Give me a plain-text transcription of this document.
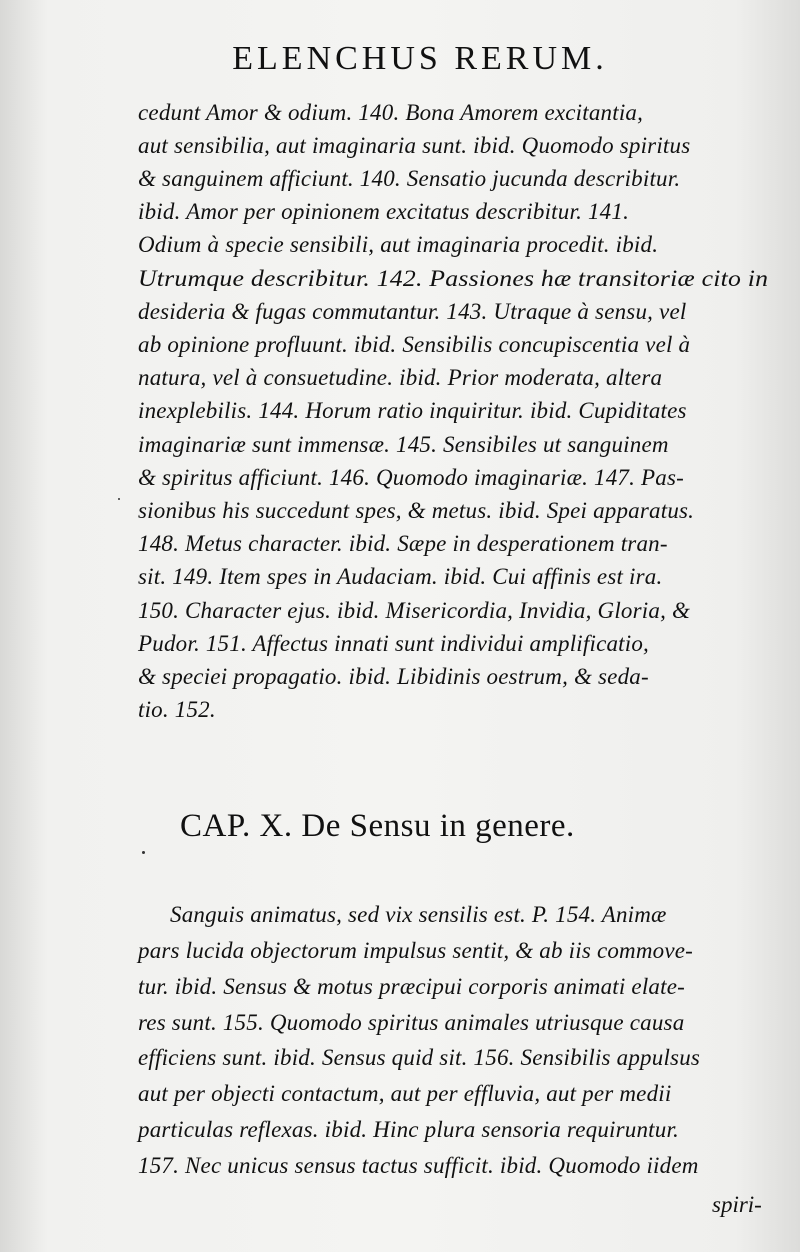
ELENCHUS RERUM.
cedunt Amor & odium. 140. Bona Amorem excitantia,
aut sensibilia, aut imaginaria sunt. ibid. Quomodo spiritus
& sanguinem afficiunt. 140. Sensatio jucunda describitur.
ibid. Amor per opinionem excitatus describitur. 141.
Odium à specie sensibili, aut imaginaria procedit. ibid.
Utrumque describitur. 142. Passiones hæ transitoriæ cito in
desideria & fugas commutantur. 143. Utraque à sensu, vel
ab opinione profluunt. ibid. Sensibilis concupiscentia vel à
natura, vel à consuetudine. ibid. Prior moderata, altera
inexplebilis. 144. Horum ratio inquiritur. ibid. Cupiditates
imaginariæ sunt immensæ. 145. Sensibiles ut sanguinem
& spiritus afficiunt. 146. Quomodo imaginariæ. 147. Pas-
sionibus his succedunt spes, & metus. ibid. Spei apparatus.
148. Metus character. ibid. Sæpe in desperationem tran-
sit. 149. Item spes in Audaciam. ibid. Cui affinis est ira.
150. Character ejus. ibid. Misericordia, Invidia, Gloria, &
Pudor. 151. Affectus innati sunt individui amplificatio,
& speciei propagatio. ibid. Libidinis oestrum, & seda-
tio. 152.
CAP. X. De Sensu in genere.
Sanguis animatus, sed vix sensilis est. P. 154. Animæ
pars lucida objectorum impulsus sentit, & ab iis commove-
tur. ibid. Sensus & motus præcipui corporis animati elate-
res sunt. 155. Quomodo spiritus animales utriusque causa
efficiens sunt. ibid. Sensus quid sit. 156. Sensibilis appulsus
aut per objecti contactum, aut per effluvia, aut per medii
particulas reflexas. ibid. Hinc plura sensoria requiruntur.
157. Nec unicus sensus tactus sufficit. ibid. Quomodo iidem
spiri-
